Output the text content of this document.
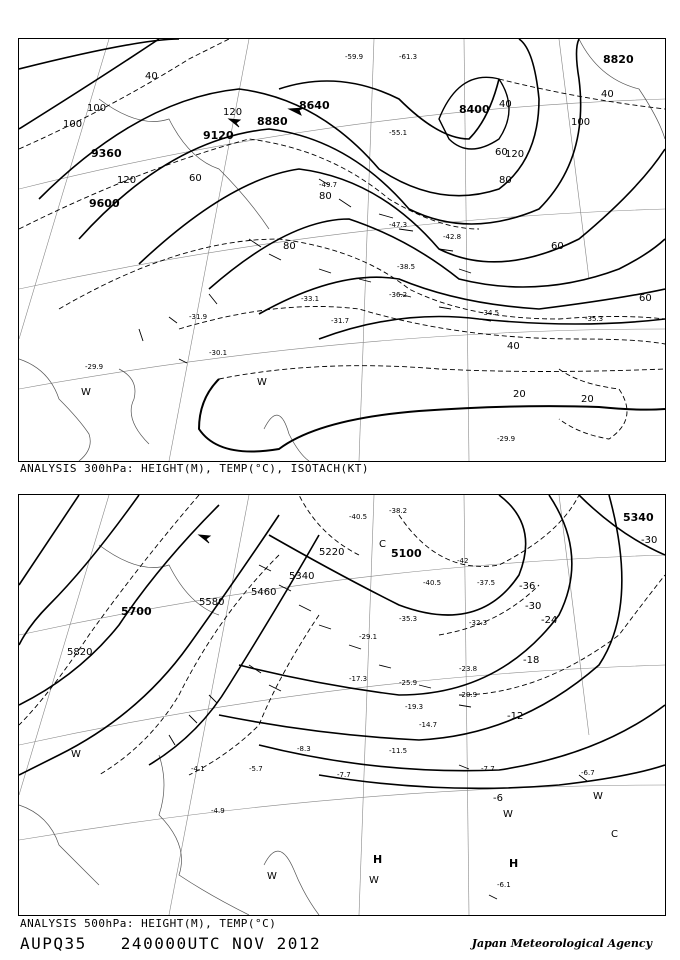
8820
8640	8400
8880
9120
9360
9600
40
100
100
120
120
120
100
60
60
60
60
80
80
80
40
20	20
40
40
-29.9
-31.9
-30.1
-34.5
-35.3
-31.7
-33.1	-36.2
-38.5
-42.8
-47.3
-49.7
-55.1
-61.3
-59.9
-29.9
W
W
ANALYSIS 300hPa: HEIGHT(M), TEMP(°C), ISOTACH(KT)
5340
5100
5220
5340
5460
5580
5700
5820
-30
-36
-30
-24
-18
-12
-6
-40.5
-38.2
-42
-40.5	-37.5
-35.3	-32.3
-29.1
-23.8
-25.9
-20.9
-17.3
-19.3
-14.7
-11.5
-8.3
-7.7
-5.7
-4.1
-4.9
-6.1
-7.7	-6.7
H	H
W
W
W
W
W
C
C
ANALYSIS 500hPa: HEIGHT(M), TEMP(°C)
AUPQ35 240000UTC NOV 2012	Japan Meteorological Agency
